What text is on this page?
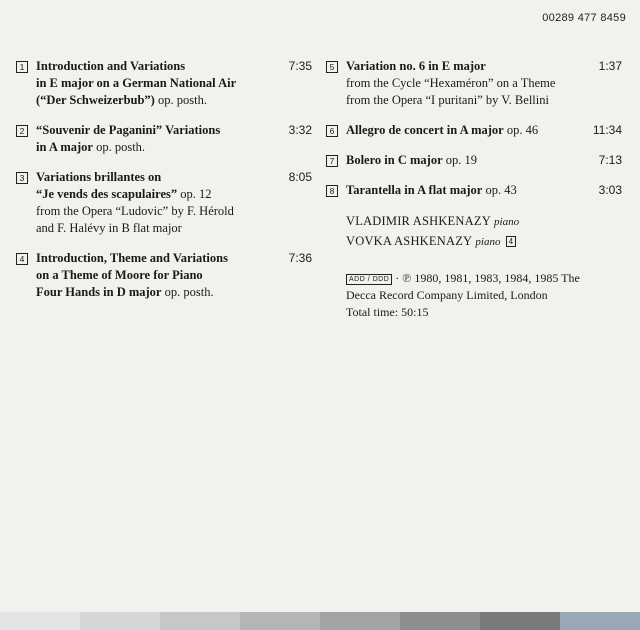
00289 477 8459
1 Introduction and Variations
in E major on a German National Air
(“Der Schweizerbub”) op. posth.
7:35
2 “Souvenir de Paganini” Variations
in A major op. posth.
3:32
3 Variations brillantes on
“Je vends des scapulaires” op. 12
from the Opera “Ludovic” by F. Hérold
and F. Halévy in B flat major
8:05
4 Introduction, Theme and Variations
on a Theme of Moore for Piano
Four Hands in D major op. posth.
7:36
5 Variation no. 6 in E major
from the Cycle “Hexaméron” on a Theme
from the Opera “I puritani” by V. Bellini
1:37
6 Allegro de concert in A major op. 46	11:34
7 Bolero in C major op. 19	7:13
8 Tarantella in A flat major op. 43	3:03
VLADIMIR ASHKENAZY piano
VOVKA ASHKENAZY piano 4
ADD / DDD · ℗ 1980, 1981, 1983, 1984, 1985 The
Decca Record Company Limited, London
Total time: 50:15
